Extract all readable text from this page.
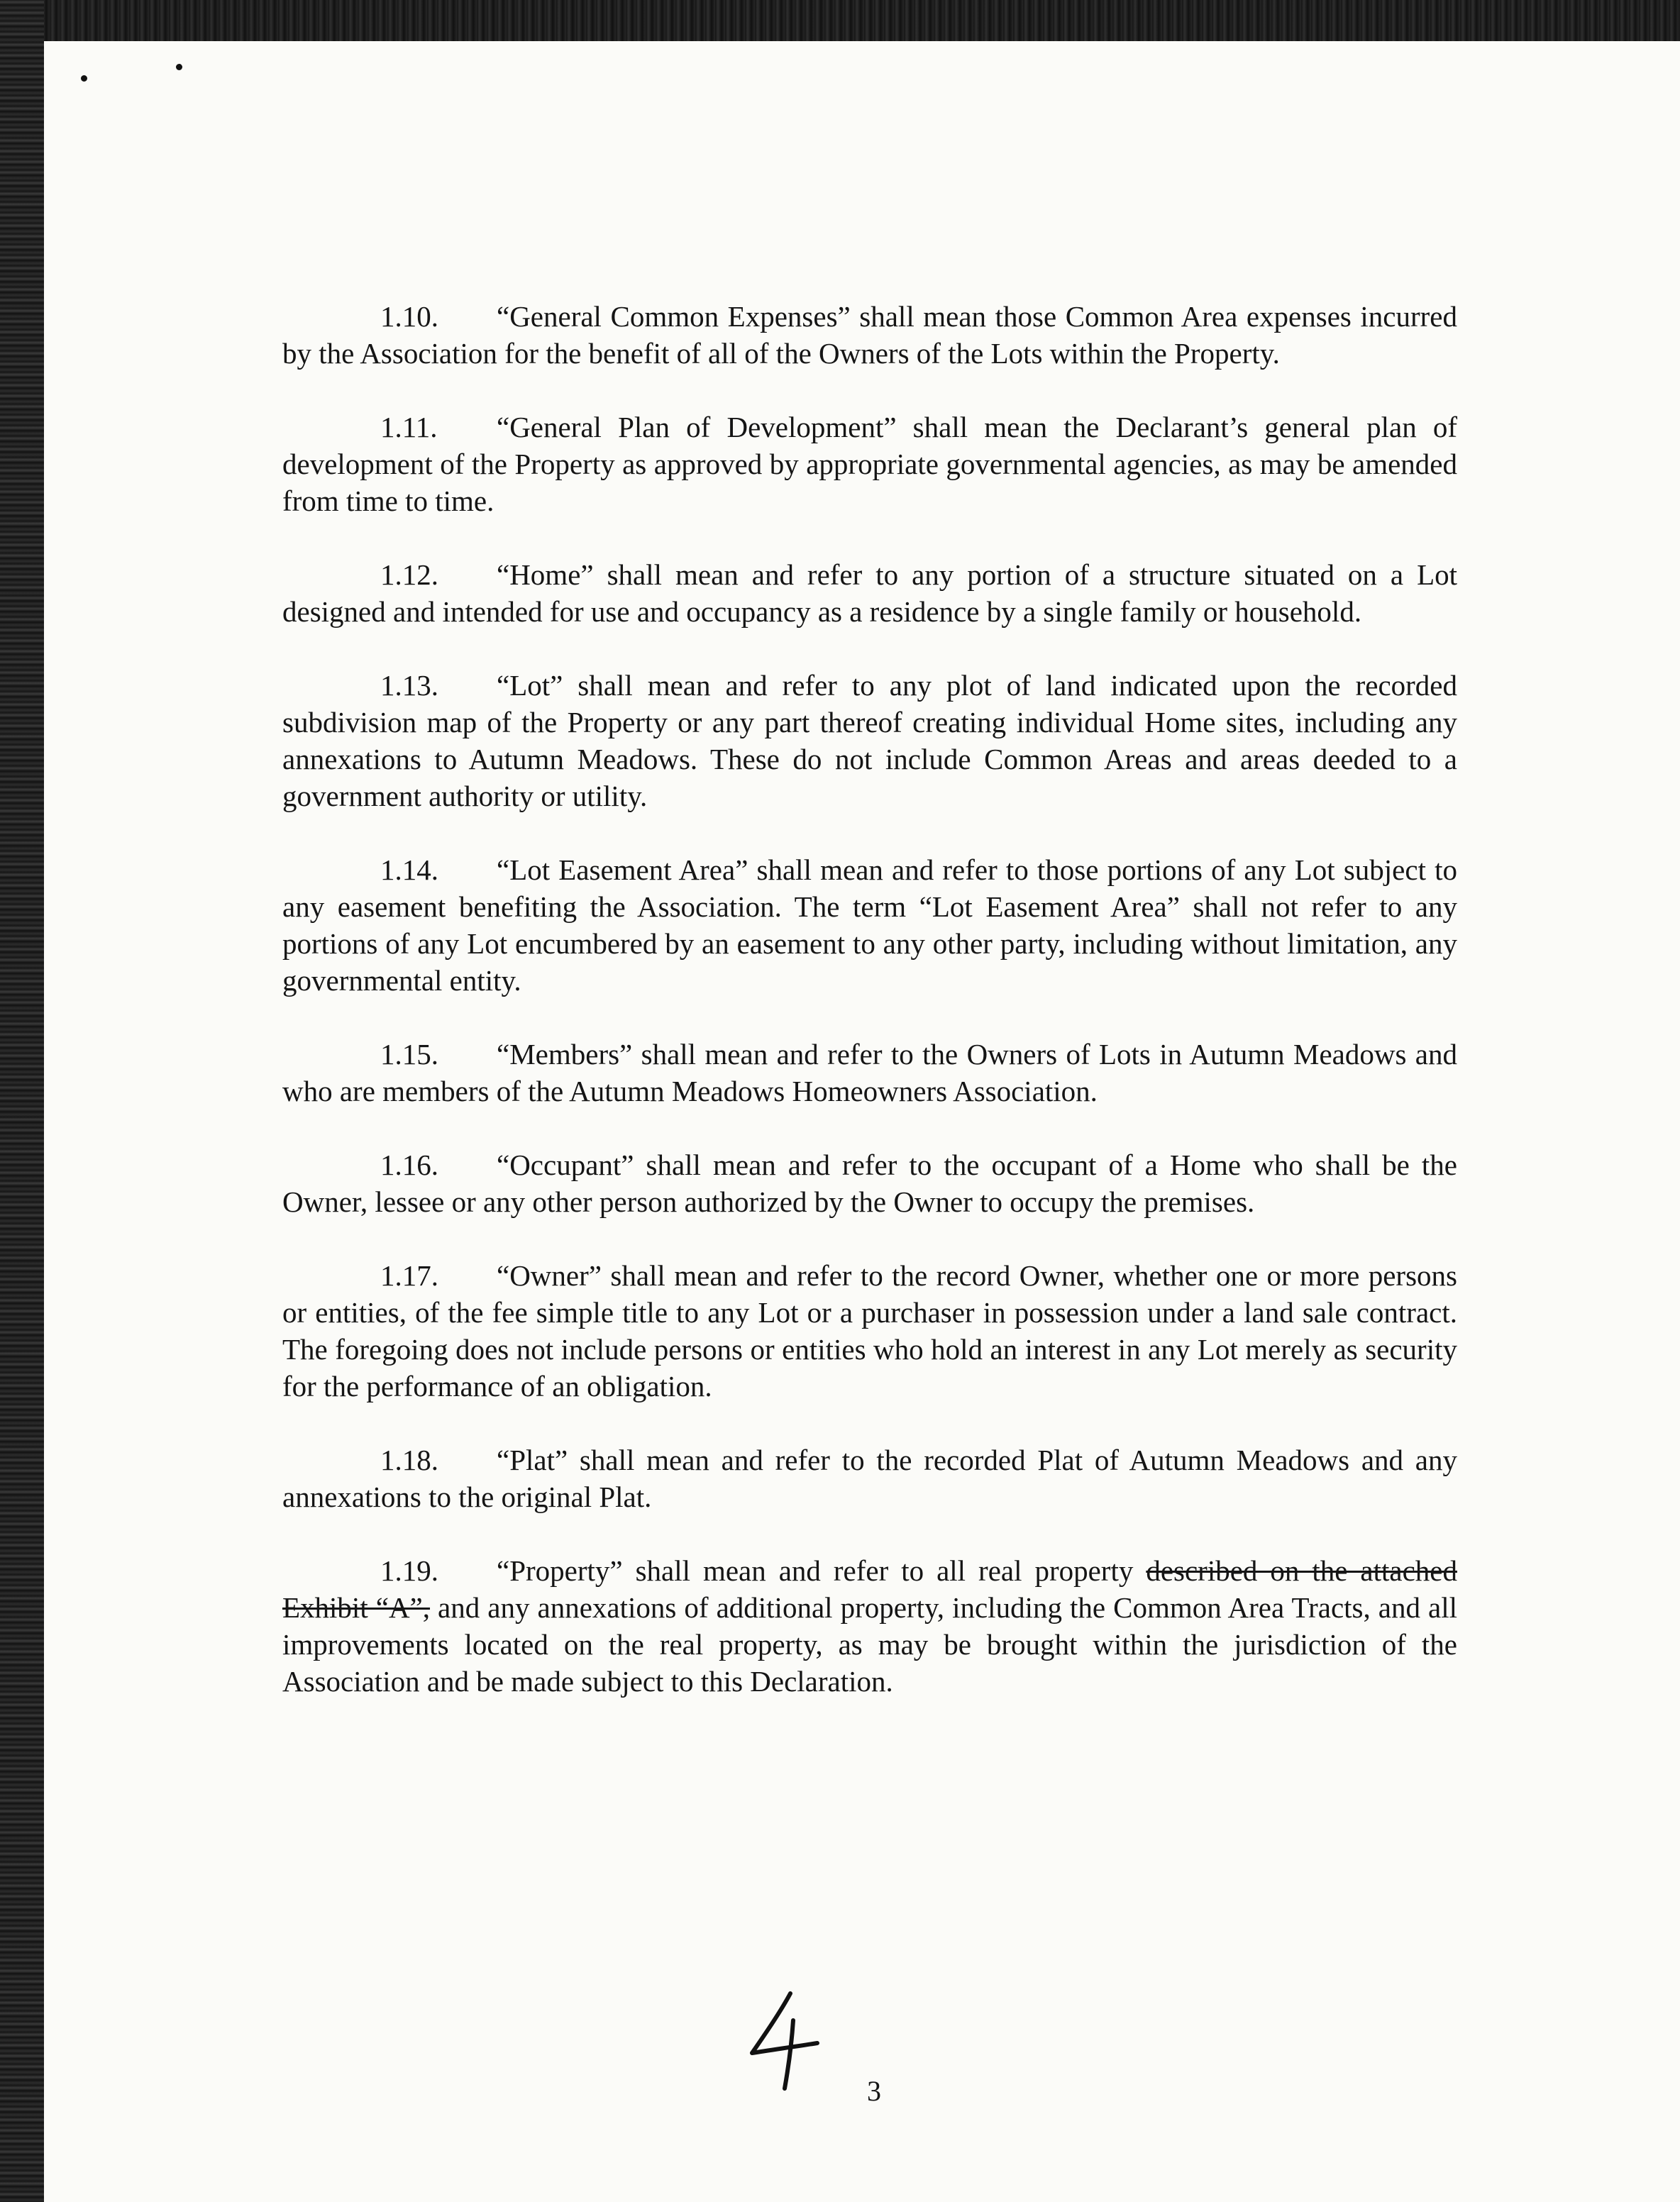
1.10. “General Common Expenses” shall mean those Common Area expenses incurred by the Association for the benefit of all of the Owners of the Lots within the Property.

1.11. “General Plan of Development” shall mean the Declarant’s general plan of development of the Property as approved by appropriate governmental agencies, as may be amended from time to time.

1.12. “Home” shall mean and refer to any portion of a structure situated on a Lot designed and intended for use and occupancy as a residence by a single family or household.

1.13. “Lot” shall mean and refer to any plot of land indicated upon the recorded subdivision map of the Property or any part thereof creating individual Home sites, including any annexations to Autumn Meadows. These do not include Common Areas and areas deeded to a government authority or utility.

1.14. “Lot Easement Area” shall mean and refer to those portions of any Lot subject to any easement benefiting the Association. The term “Lot Easement Area” shall not refer to any portions of any Lot encumbered by an easement to any other party, including without limitation, any governmental entity.

1.15. “Members” shall mean and refer to the Owners of Lots in Autumn Meadows and who are members of the Autumn Meadows Homeowners Association.

1.16. “Occupant” shall mean and refer to the occupant of a Home who shall be the Owner, lessee or any other person authorized by the Owner to occupy the premises.

1.17. “Owner” shall mean and refer to the record Owner, whether one or more persons or entities, of the fee simple title to any Lot or a purchaser in possession under a land sale contract. The foregoing does not include persons or entities who hold an interest in any Lot merely as security for the performance of an obligation.

1.18. “Plat” shall mean and refer to the recorded Plat of Autumn Meadows and any annexations to the original Plat.

1.19. “Property” shall mean and refer to all real property described on the attached Exhibit “A”, and any annexations of additional property, including the Common Area Tracts, and all improvements located on the real property, as may be brought within the jurisdiction of the Association and be made subject to this Declaration.

3
